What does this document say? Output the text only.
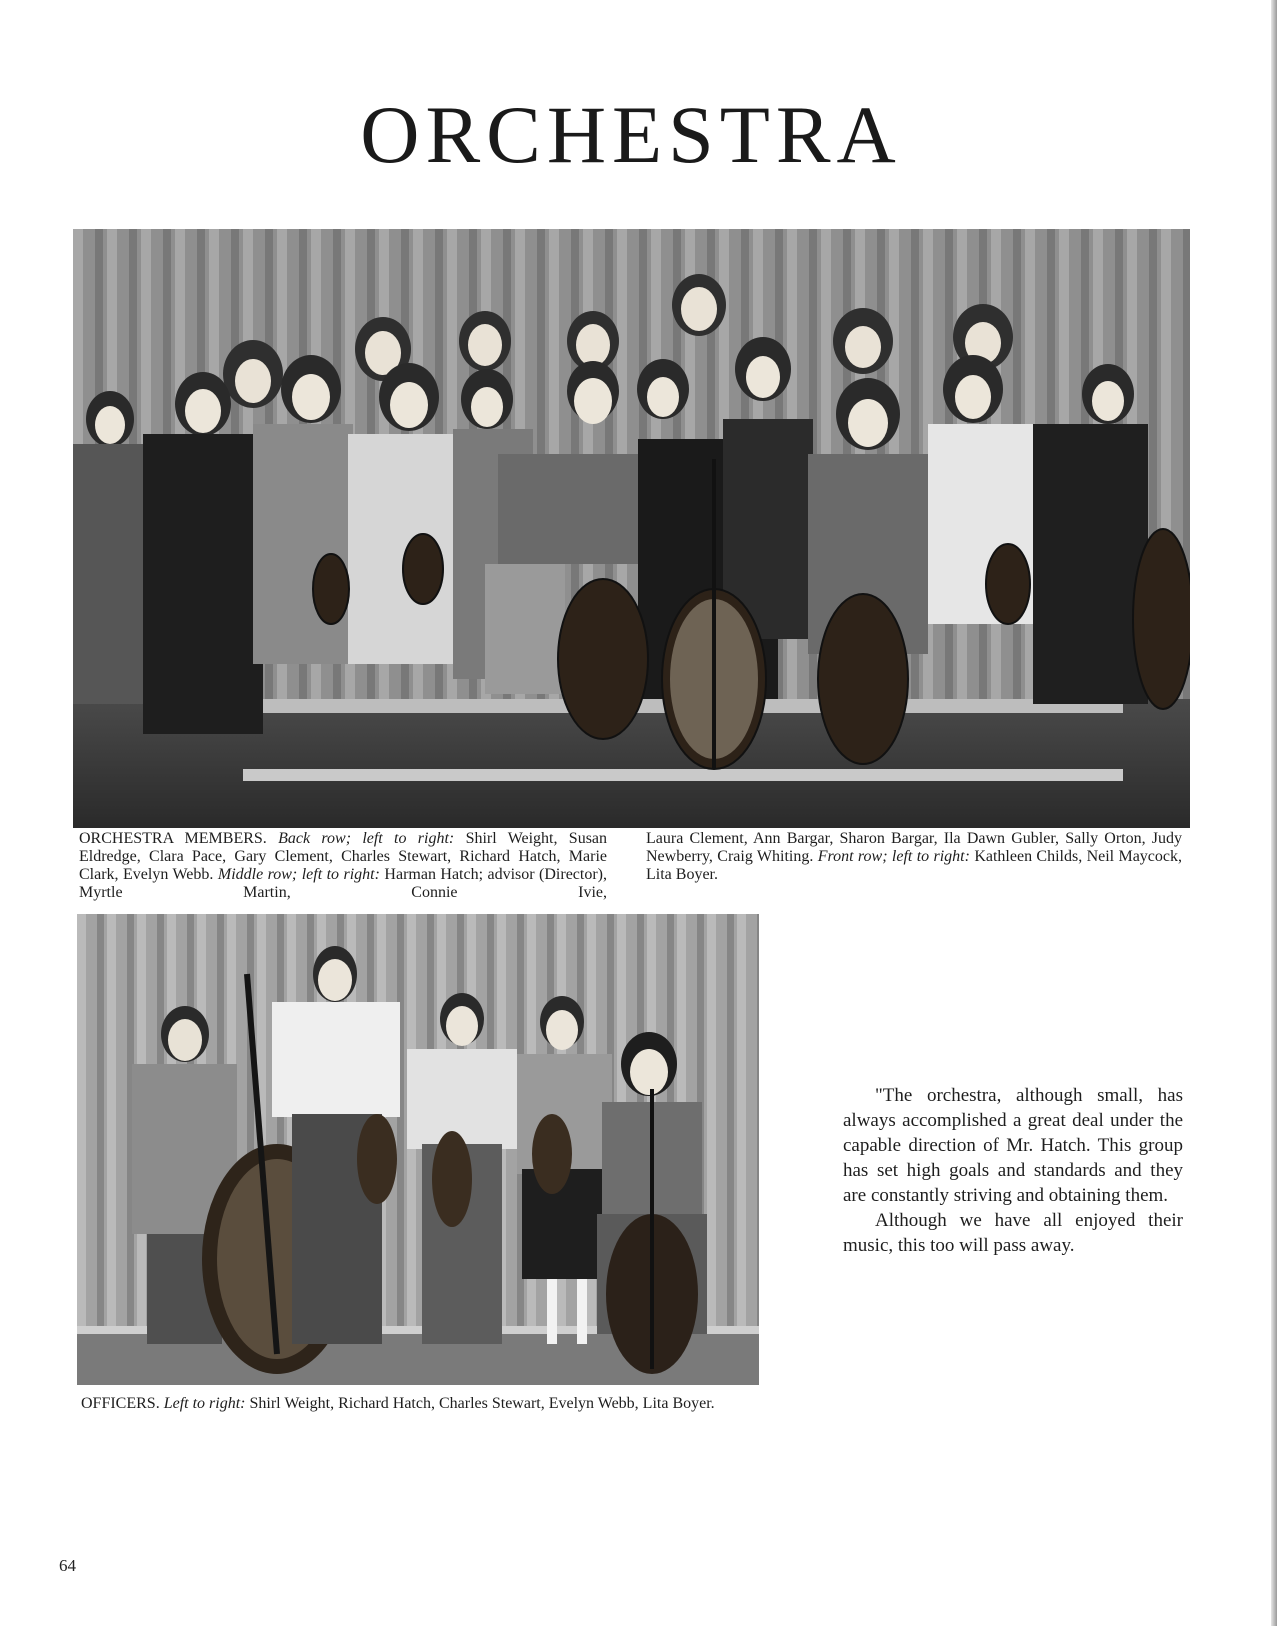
ORCHESTRA
ORCHESTRA MEMBERS. Back row; left to right: Shirl Weight, Susan Eldredge, Clara Pace, Gary Clement, Charles Stewart, Richard Hatch, Marie Clark, Evelyn Webb. Middle row; left to right: Harman Hatch; advisor (Director), Myrtle Martin, Connie Ivie,
Laura Clement, Ann Bargar, Sharon Bargar, Ila Dawn Gubler, Sally Orton, Judy Newberry, Craig Whiting. Front row; left to right: Kathleen Childs, Neil Maycock, Lita Boyer.
OFFICERS. Left to right: Shirl Weight, Richard Hatch, Charles Stewart, Evelyn Webb, Lita Boyer.

"The orchestra, although small, has always accomplished a great deal under the capable direction of Mr. Hatch. This group has set high goals and standards and they are constantly striving and obtaining them.

Although we have all enjoyed their music, this too will pass away.

64
